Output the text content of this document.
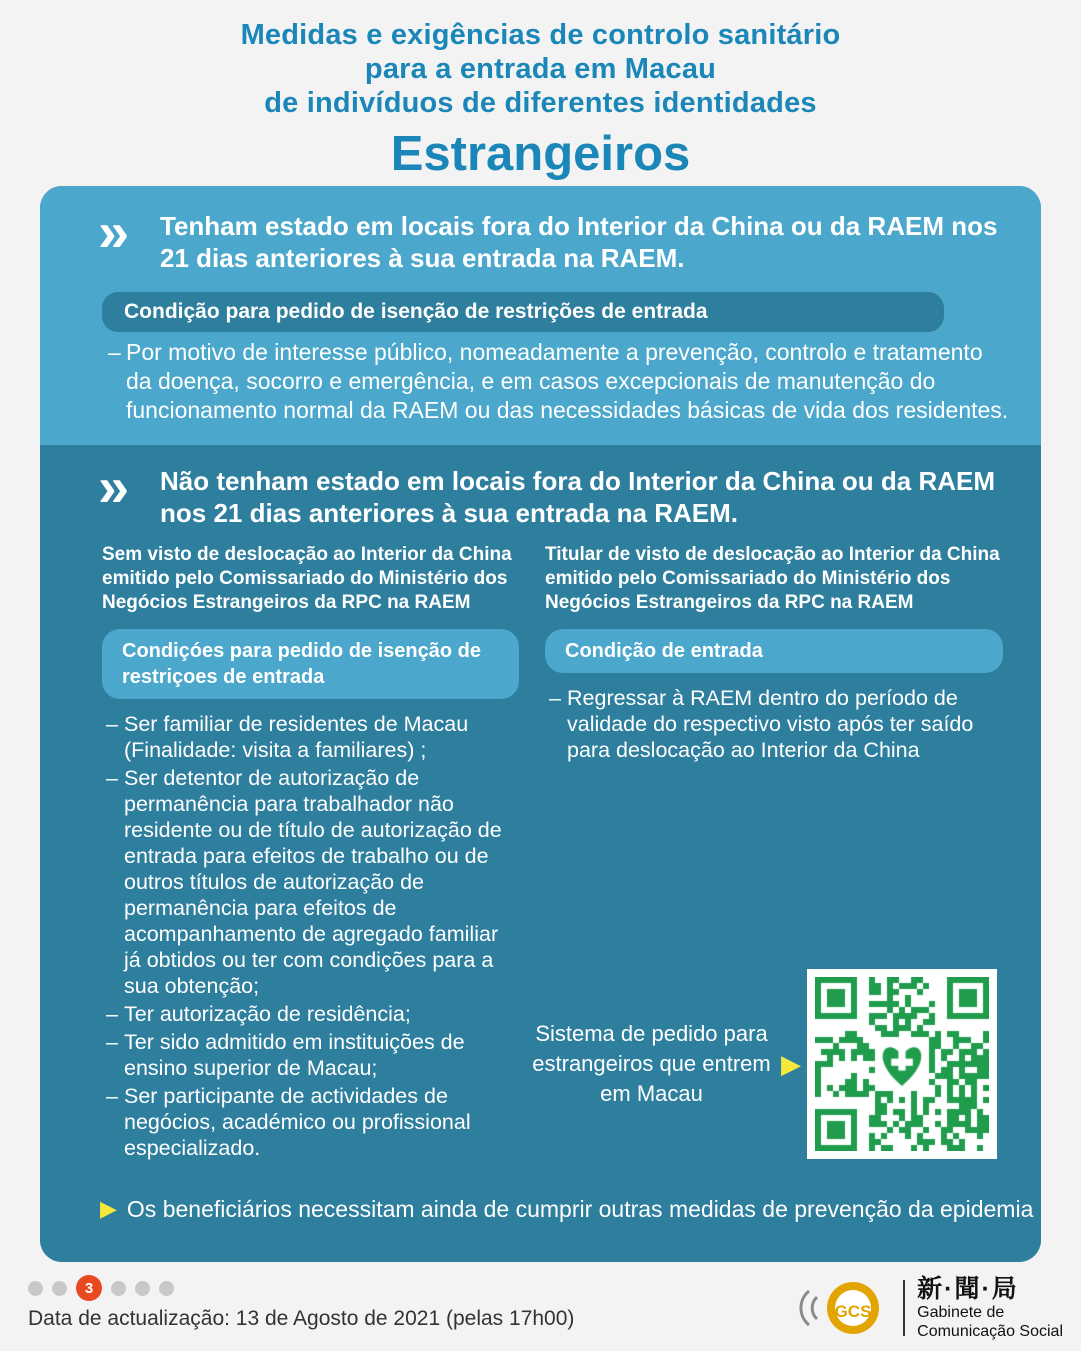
Medidas e exigências de controlo sanitário
para a entrada em Macau
de indivíduos de diferentes identidades
Estrangeiros
»	Tenham estado em locais fora do Interior da China ou da RAEM nos 21 dias anteriores à sua entrada na RAEM.
Condição para pedido de isenção de restrições de entrada
– Por motivo de interesse público, nomeadamente a prevenção, controlo e tratamento da doença, socorro e emergência, e em casos excepcionais de manutenção do funcionamento normal da RAEM ou das necessidades básicas de vida dos residentes.
»	Não tenham estado em locais fora do Interior da China ou da RAEM nos 21 dias anteriores à sua entrada na RAEM.
Sem visto de deslocação ao Interior da China emitido pelo Comissariado do Ministério dos Negócios Estrangeiros da RPC na RAEM
Condiçóes para pedido de isenção de restriçoes de entrada
– Ser familiar de residentes de Macau (Finalidade: visita a familiares) ;
– Ser detentor de autorização de permanência para trabalhador não residente ou de título de autorização de entrada para efeitos de trabalho ou de outros títulos de autorização de permanência para efeitos de acompanhamento de agregado familiar já obtidos ou ter com condições para a sua obtenção;
– Ter autorização de residência;
– Ter sido admitido em instituições de ensino superior de Macau;
– Ser participante de actividades de negócios, académico ou profissional especializado.
Titular de visto de deslocação ao Interior da China emitido pelo Comissariado do Ministério dos Negócios Estrangeiros da RPC na RAEM
Condição de entrada
– Regressar à RAEM dentro do período de validade do respectivo visto após ter saído para deslocação ao Interior da China
Sistema de pedido para estrangeiros que entrem em Macau
▶
▶ Os beneficiários necessitam ainda de cumprir outras medidas de prevenção da epidemia
3
Data de actualização: 13 de Agosto de 2021 (pelas 17h00)	GCS
新·聞·局
Gabinete de
Comunicação Social
